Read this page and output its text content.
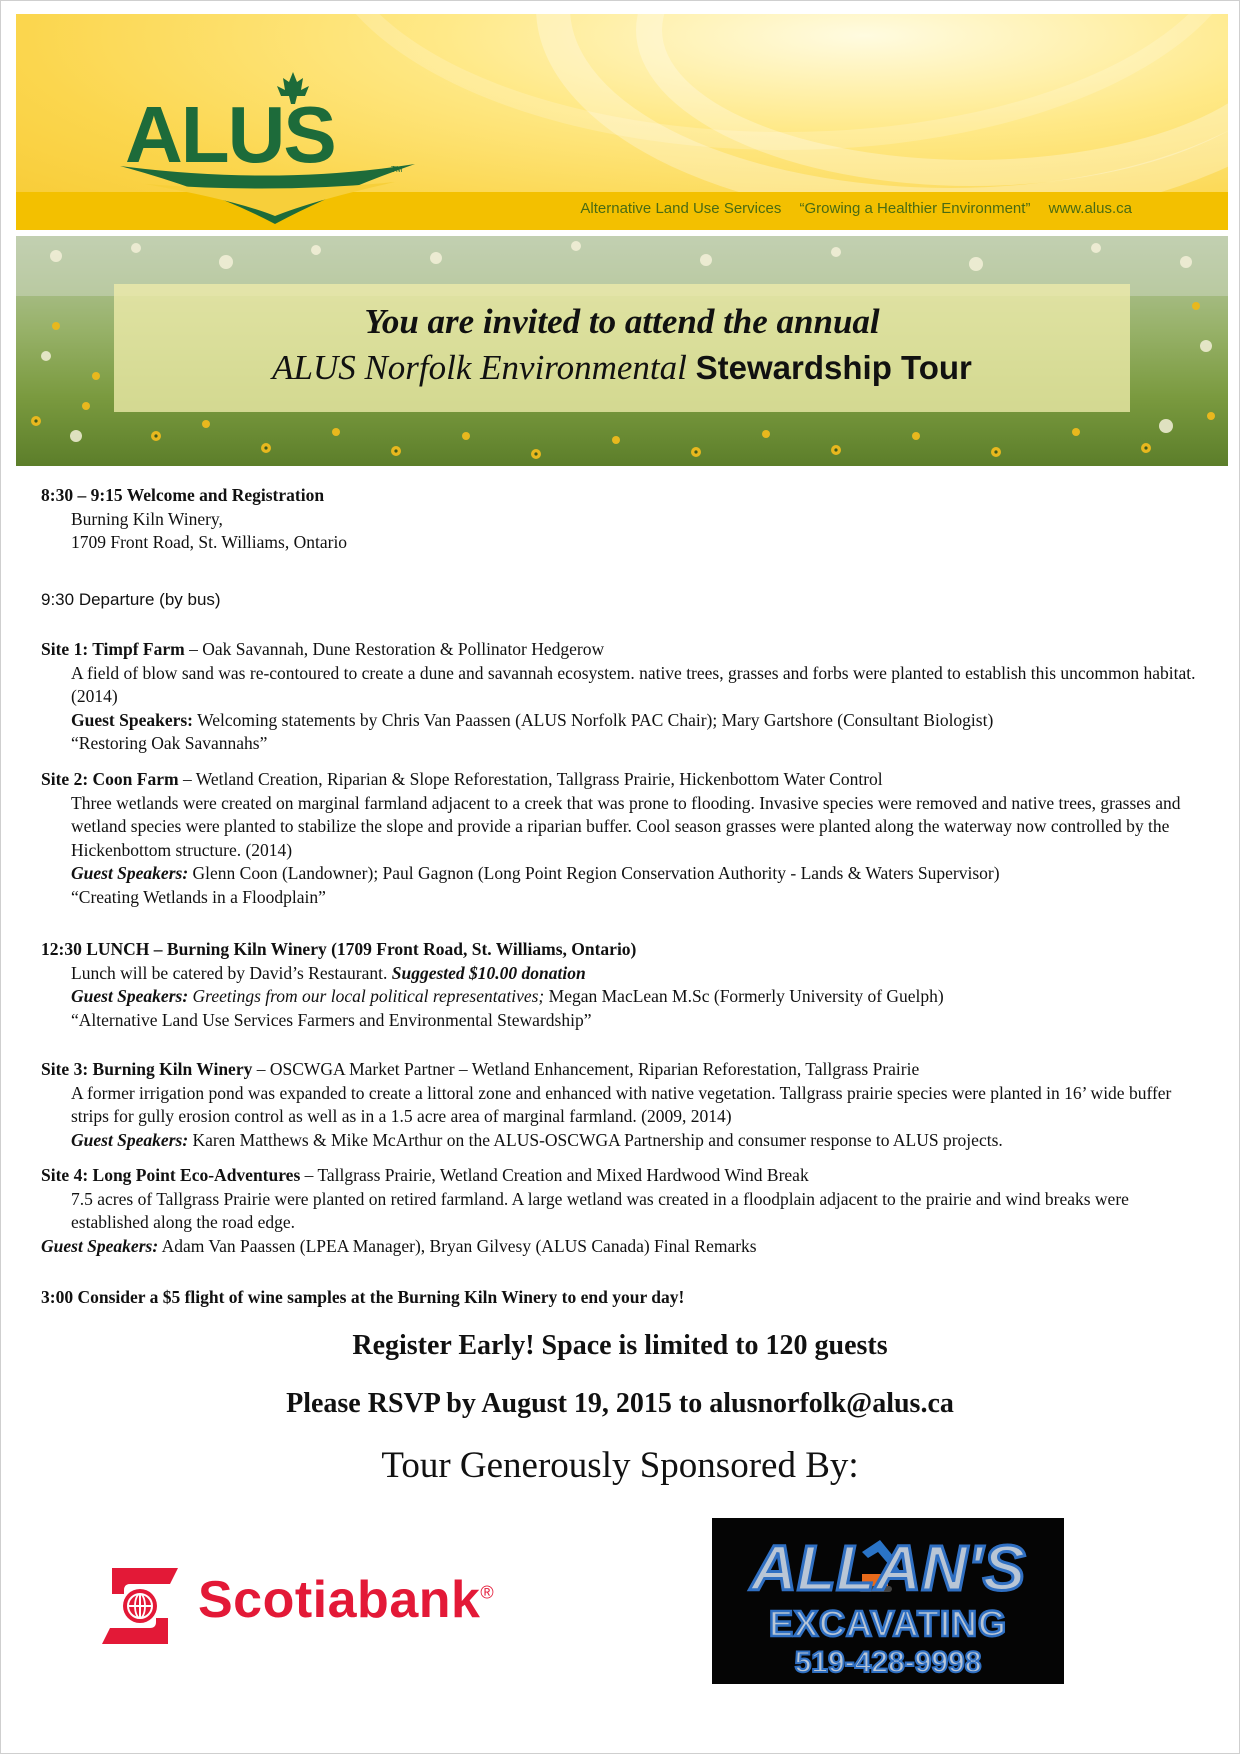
Alternative Land Use Services “Growing a Healthier Environment” www.alus.ca
ALUS	TM
You are invited to attend the annual
ALUS Norfolk Environmental Stewardship Tour
8:30 – 9:15 Welcome and Registration
Burning Kiln Winery,
1709 Front Road, St. Williams, Ontario
9:30 Departure (by bus)
Site 1: Timpf Farm – Oak Savannah, Dune Restoration & Pollinator Hedgerow
A field of blow sand was re-contoured to create a dune and savannah ecosystem. native trees, grasses and forbs were planted to establish this uncommon habitat. (2014)
Guest Speakers: Welcoming statements by Chris Van Paassen (ALUS Norfolk PAC Chair); Mary Gartshore (Consultant Biologist)
“Restoring Oak Savannahs”
Site 2: Coon Farm – Wetland Creation, Riparian & Slope Reforestation, Tallgrass Prairie, Hickenbottom Water Control
Three wetlands were created on marginal farmland adjacent to a creek that was prone to flooding. Invasive species were removed and native trees, grasses and wetland species were planted to stabilize the slope and provide a riparian buffer. Cool season grasses were planted along the waterway now controlled by the Hickenbottom structure. (2014)
Guest Speakers: Glenn Coon (Landowner); Paul Gagnon (Long Point Region Conservation Authority - Lands & Waters Supervisor)
“Creating Wetlands in a Floodplain”
12:30 LUNCH – Burning Kiln Winery (1709 Front Road, St. Williams, Ontario)
Lunch will be catered by David’s Restaurant. Suggested $10.00 donation
Guest Speakers: Greetings from our local political representatives; Megan MacLean M.Sc (Formerly University of Guelph)
“Alternative Land Use Services Farmers and Environmental Stewardship”
Site 3: Burning Kiln Winery – OSCWGA Market Partner – Wetland Enhancement, Riparian Reforestation, Tallgrass Prairie
A former irrigation pond was expanded to create a littoral zone and enhanced with native vegetation. Tallgrass prairie species were planted in 16’ wide buffer strips for gully erosion control as well as in a 1.5 acre area of marginal farmland. (2009, 2014)
Guest Speakers: Karen Matthews & Mike McArthur on the ALUS-OSCWGA Partnership and consumer response to ALUS projects.
Site 4: Long Point Eco-Adventures – Tallgrass Prairie, Wetland Creation and Mixed Hardwood Wind Break
7.5 acres of Tallgrass Prairie were planted on retired farmland. A large wetland was created in a floodplain adjacent to the prairie and wind breaks were established along the road edge.
Guest Speakers: Adam Van Paassen (LPEA Manager), Bryan Gilvesy (ALUS Canada) Final Remarks
3:00 Consider a $5 flight of wine samples at the Burning Kiln Winery to end your day!
Register Early! Space is limited to 120 guests
Please RSVP by August 19, 2015 to alusnorfolk@alus.ca
Tour Generously Sponsored By:
Scotiabank®	ALLAN'S
EXCAVATING
519-428-9998
